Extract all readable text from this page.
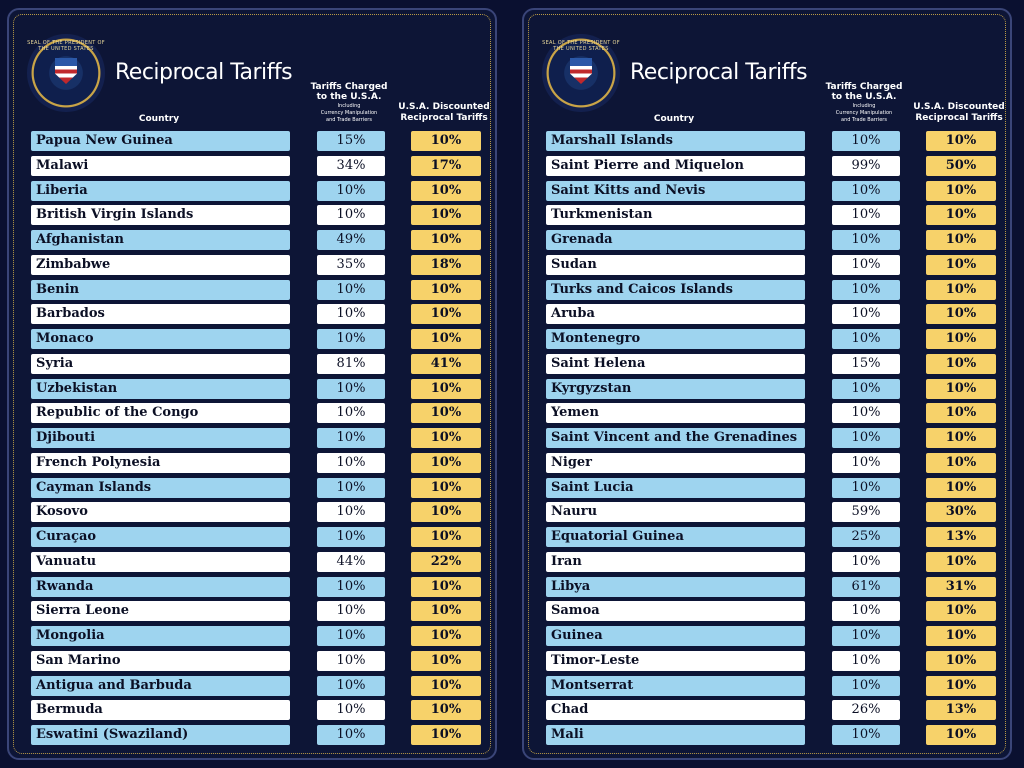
SEAL OF THE PRESIDENT OF THE UNITED STATES
Reciprocal Tariffs
Country
Tariffs Charged
to the U.S.A.
Including
Currency Manipulation
and Trade Barriers
U.S.A. Discounted
Reciprocal Tariffs
Papua New Guinea	15%	10%
Malawi	34%	17%
Liberia	10%	10%
British Virgin Islands	10%	10%
Afghanistan	49%	10%
Zimbabwe	35%	18%
Benin	10%	10%
Barbados	10%	10%
Monaco	10%	10%
Syria	81%	41%
Uzbekistan	10%	10%
Republic of the Congo	10%	10%
Djibouti	10%	10%
French Polynesia	10%	10%
Cayman Islands	10%	10%
Kosovo	10%	10%
Curaçao	10%	10%
Vanuatu	44%	22%
Rwanda	10%	10%
Sierra Leone	10%	10%
Mongolia	10%	10%
San Marino	10%	10%
Antigua and Barbuda	10%	10%
Bermuda	10%	10%
Eswatini (Swaziland)	10%	10%
SEAL OF THE PRESIDENT OF THE UNITED STATES
Reciprocal Tariffs
Country
Tariffs Charged
to the U.S.A.
Including
Currency Manipulation
and Trade Barriers
U.S.A. Discounted
Reciprocal Tariffs
Marshall Islands	10%	10%
Saint Pierre and Miquelon	99%	50%
Saint Kitts and Nevis	10%	10%
Turkmenistan	10%	10%
Grenada	10%	10%
Sudan	10%	10%
Turks and Caicos Islands	10%	10%
Aruba	10%	10%
Montenegro	10%	10%
Saint Helena	15%	10%
Kyrgyzstan	10%	10%
Yemen	10%	10%
Saint Vincent and the Grenadines	10%	10%
Niger	10%	10%
Saint Lucia	10%	10%
Nauru	59%	30%
Equatorial Guinea	25%	13%
Iran	10%	10%
Libya	61%	31%
Samoa	10%	10%
Guinea	10%	10%
Timor-Leste	10%	10%
Montserrat	10%	10%
Chad	26%	13%
Mali	10%	10%
